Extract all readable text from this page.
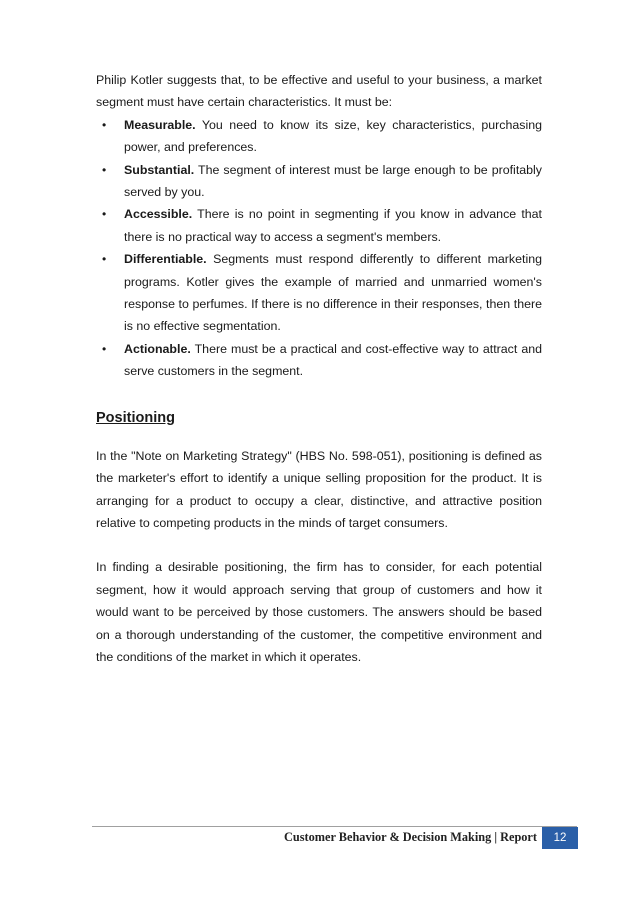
Philip Kotler suggests that, to be effective and useful to your business, a market segment must have certain characteristics. It must be:

• Measurable. You need to know its size, key characteristics, purchasing power, and preferences.
• Substantial. The segment of interest must be large enough to be profitably served by you.
• Accessible. There is no point in segmenting if you know in advance that there is no practical way to access a segment's members.
• Differentiable. Segments must respond differently to different marketing programs. Kotler gives the example of married and unmarried women's response to perfumes. If there is no difference in their responses, then there is no effective segmentation.
• Actionable. There must be a practical and cost-effective way to attract and serve customers in the segment.
Positioning

In the "Note on Marketing Strategy" (HBS No. 598-051), positioning is defined as the marketer's effort to identify a unique selling proposition for the product. It is arranging for a product to occupy a clear, distinctive, and attractive position relative to competing products in the minds of target consumers.

In finding a desirable positioning, the firm has to consider, for each potential segment, how it would approach serving that group of customers and how it would want to be perceived by those customers. The answers should be based on a thorough understanding of the customer, the competitive environment and the conditions of the market in which it operates.

Customer Behavior & Decision Making | Report	12
